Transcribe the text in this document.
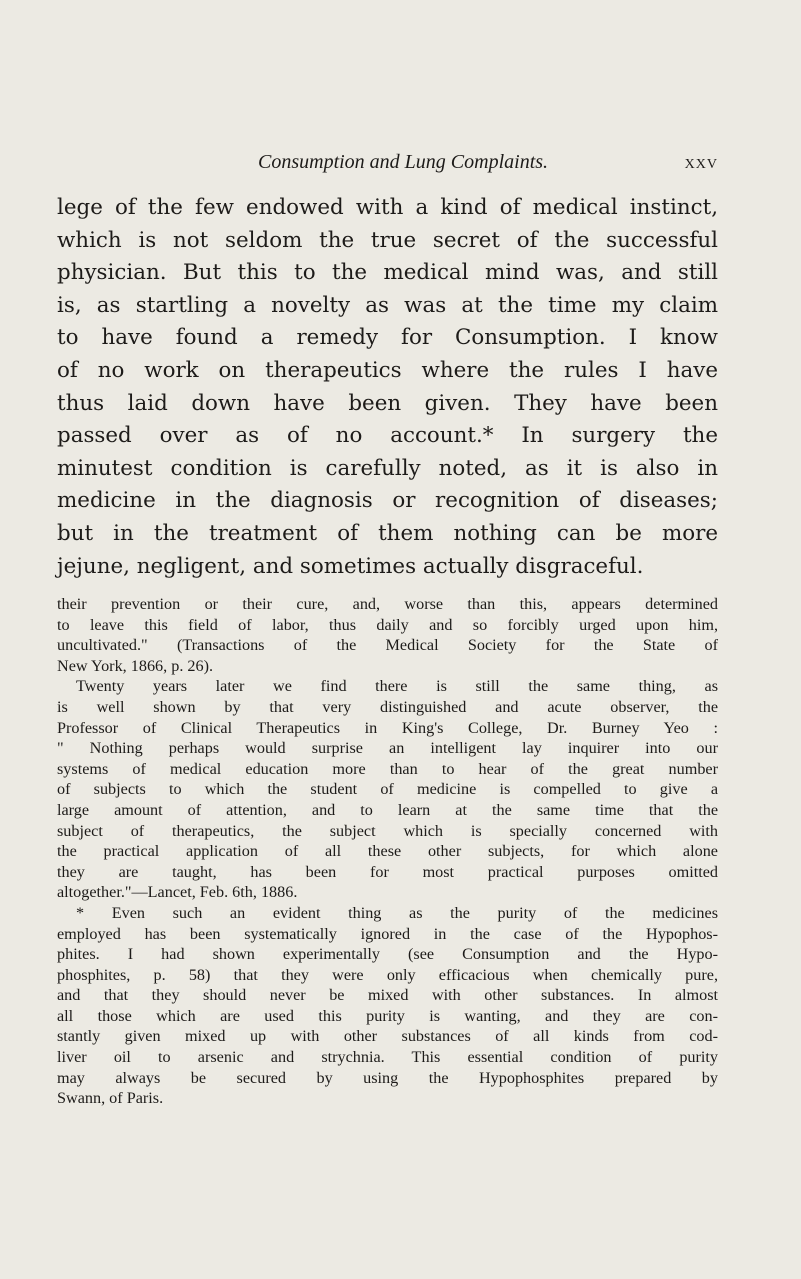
Consumption and Lung Complaints.	xxv
lege of the few endowed with a kind of medical instinct,
which is not seldom the true secret of the successful
physician. But this to the medical mind was, and still
is, as startling a novelty as was at the time my claim
to have found a remedy for Consumption. I know
of no work on therapeutics where the rules I have
thus laid down have been given. They have been
passed over as of no account.* In surgery the
minutest condition is carefully noted, as it is also in
medicine in the diagnosis or recognition of diseases;
but in the treatment of them nothing can be more
jejune, negligent, and sometimes actually disgraceful.
their prevention or their cure, and, worse than this, appears determined
to leave this field of labor, thus daily and so forcibly urged upon him,
uncultivated." (Transactions of the Medical Society for the State of
New York, 1866, p. 26).
Twenty years later we find there is still the same thing, as
is well shown by that very distinguished and acute observer, the
Professor of Clinical Therapeutics in King's College, Dr. Burney Yeo :
" Nothing perhaps would surprise an intelligent lay inquirer into our
systems of medical education more than to hear of the great number
of subjects to which the student of medicine is compelled to give a
large amount of attention, and to learn at the same time that the
subject of therapeutics, the subject which is specially concerned with
the practical application of all these other subjects, for which alone
they are taught, has been for most practical purposes omitted
altogether."—Lancet, Feb. 6th, 1886.
* Even such an evident thing as the purity of the medicines
employed has been systematically ignored in the case of the Hypophos-
phites. I had shown experimentally (see Consumption and the Hypo-
phosphites, p. 58) that they were only efficacious when chemically pure,
and that they should never be mixed with other substances. In almost
all those which are used this purity is wanting, and they are con-
stantly given mixed up with other substances of all kinds from cod-
liver oil to arsenic and strychnia. This essential condition of purity
may always be secured by using the Hypophosphites prepared by
Swann, of Paris.
